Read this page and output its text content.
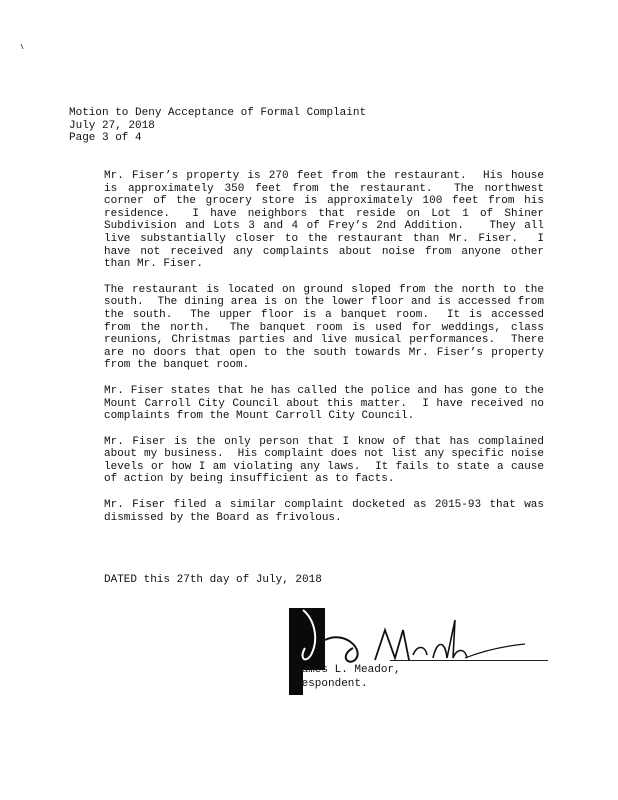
Motion to Deny Acceptance of Formal Complaint
July 27, 2018
Page 3 of 4

Mr. Fiser’s property is 270 feet from the restaurant.  His house is approximately 350 feet from the restaurant.  The northwest corner of the grocery store is approximately 100 feet from his residence.  I have neighbors that reside on Lot 1 of Shiner Subdivision and Lots 3 and 4 of Frey’s 2nd Addition.   They all live substantially closer to the restaurant than Mr. Fiser.  I have not received any complaints about noise from anyone other than Mr. Fiser.

The restaurant is located on ground sloped from the north to the south.  The dining area is on the lower floor and is accessed from the south.  The upper floor is a banquet room.  It is accessed from the north.  The banquet room is used for weddings, class reunions, Christmas parties and live musical performances.  There are no doors that open to the south towards Mr. Fiser’s property from the banquet room.

Mr. Fiser states that he has called the police and has gone to the Mount Carroll City Council about this matter.  I have received no complaints from the Mount Carroll City Council.

Mr. Fiser is the only person that I know of that has complained about my business.  His complaint does not list any specific noise levels or how I am violating any laws.  It fails to state a cause of action by being insufficient as to facts.

Mr. Fiser filed a similar complaint docketed as 2015-93 that was dismissed by the Board as frivolous.

DATED this 27th day of July, 2018
James L. Meador,
Respondent.
